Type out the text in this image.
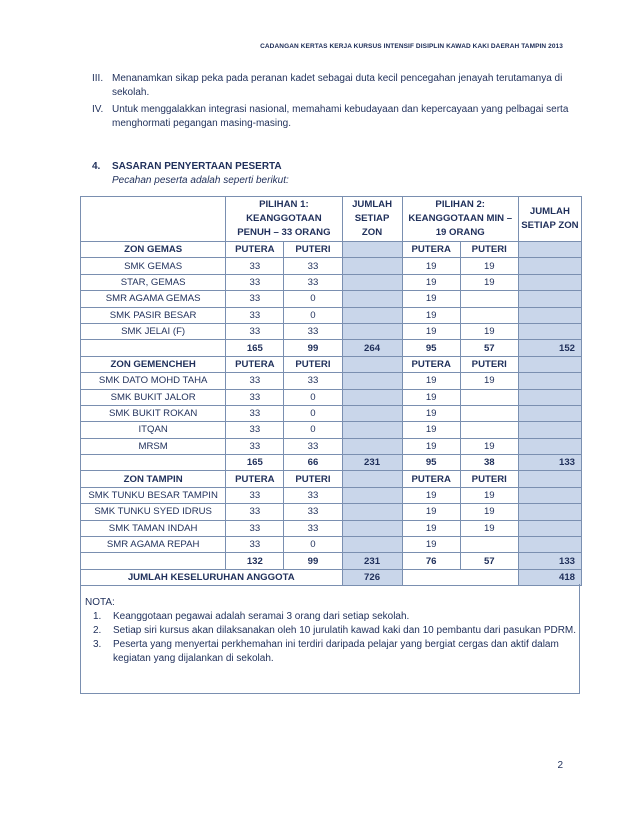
CADANGAN KERTAS KERJA KURSUS INTENSIF DISIPLIN KAWAD KAKI DAERAH TAMPIN 2013
III. Menanamkan sikap peka pada peranan kadet sebagai duta kecil pencegahan jenayah terutamanya di sekolah.
IV. Untuk menggalakkan integrasi nasional, memahami kebudayaan dan kepercayaan yang pelbagai serta menghormati pegangan masing-masing.
4. SASARAN PENYERTAAN PESERTA
Pecahan peserta adalah seperti berikut:
	PILIHAN 1: KEANGGOTAAN PENUH – 33 ORANG		JUMLAH SETIAP ZON	PILIHAN 2: KEANGGOTAAN MIN – 19 ORANG		JUMLAH SETIAP ZON
ZON GEMAS	PUTERA	PUTERI		PUTERA	PUTERI	
SMK GEMAS	33	33		19	19	
STAR, GEMAS	33	33		19	19	
SMR AGAMA GEMAS	33	0		19		
SMK PASIR BESAR	33	0		19		
SMK JELAI (F)	33	33		19	19	
	165	99	264	95	57	152
ZON GEMENCHEH	PUTERA	PUTERI		PUTERA	PUTERI	
SMK DATO MOHD TAHA	33	33		19	19	
SMK BUKIT JALOR	33	0		19		
SMK BUKIT ROKAN	33	0		19		
ITQAN	33	0		19		
MRSM	33	33		19	19	
	165	66	231	95	38	133
ZON TAMPIN	PUTERA	PUTERI		PUTERA	PUTERI	
SMK TUNKU BESAR TAMPIN	33	33		19	19	
SMK TUNKU SYED IDRUS	33	33		19	19	
SMK TAMAN INDAH	33	33		19	19	
SMR AGAMA REPAH	33	0		19		
	132	99	231	76	57	133
JUMLAH KESELURUHAN ANGGOTA			726			418
NOTA:
1. Keanggotaan pegawai adalah seramai 3 orang dari setiap sekolah.
2. Setiap siri kursus akan dilaksanakan oleh 10 jurulatih kawad kaki dan 10 pembantu dari pasukan PDRM.
3. Peserta yang menyertai perkhemahan ini terdiri daripada pelajar yang bergiat cergas dan aktif dalam kegiatan yang dijalankan di sekolah.
2
